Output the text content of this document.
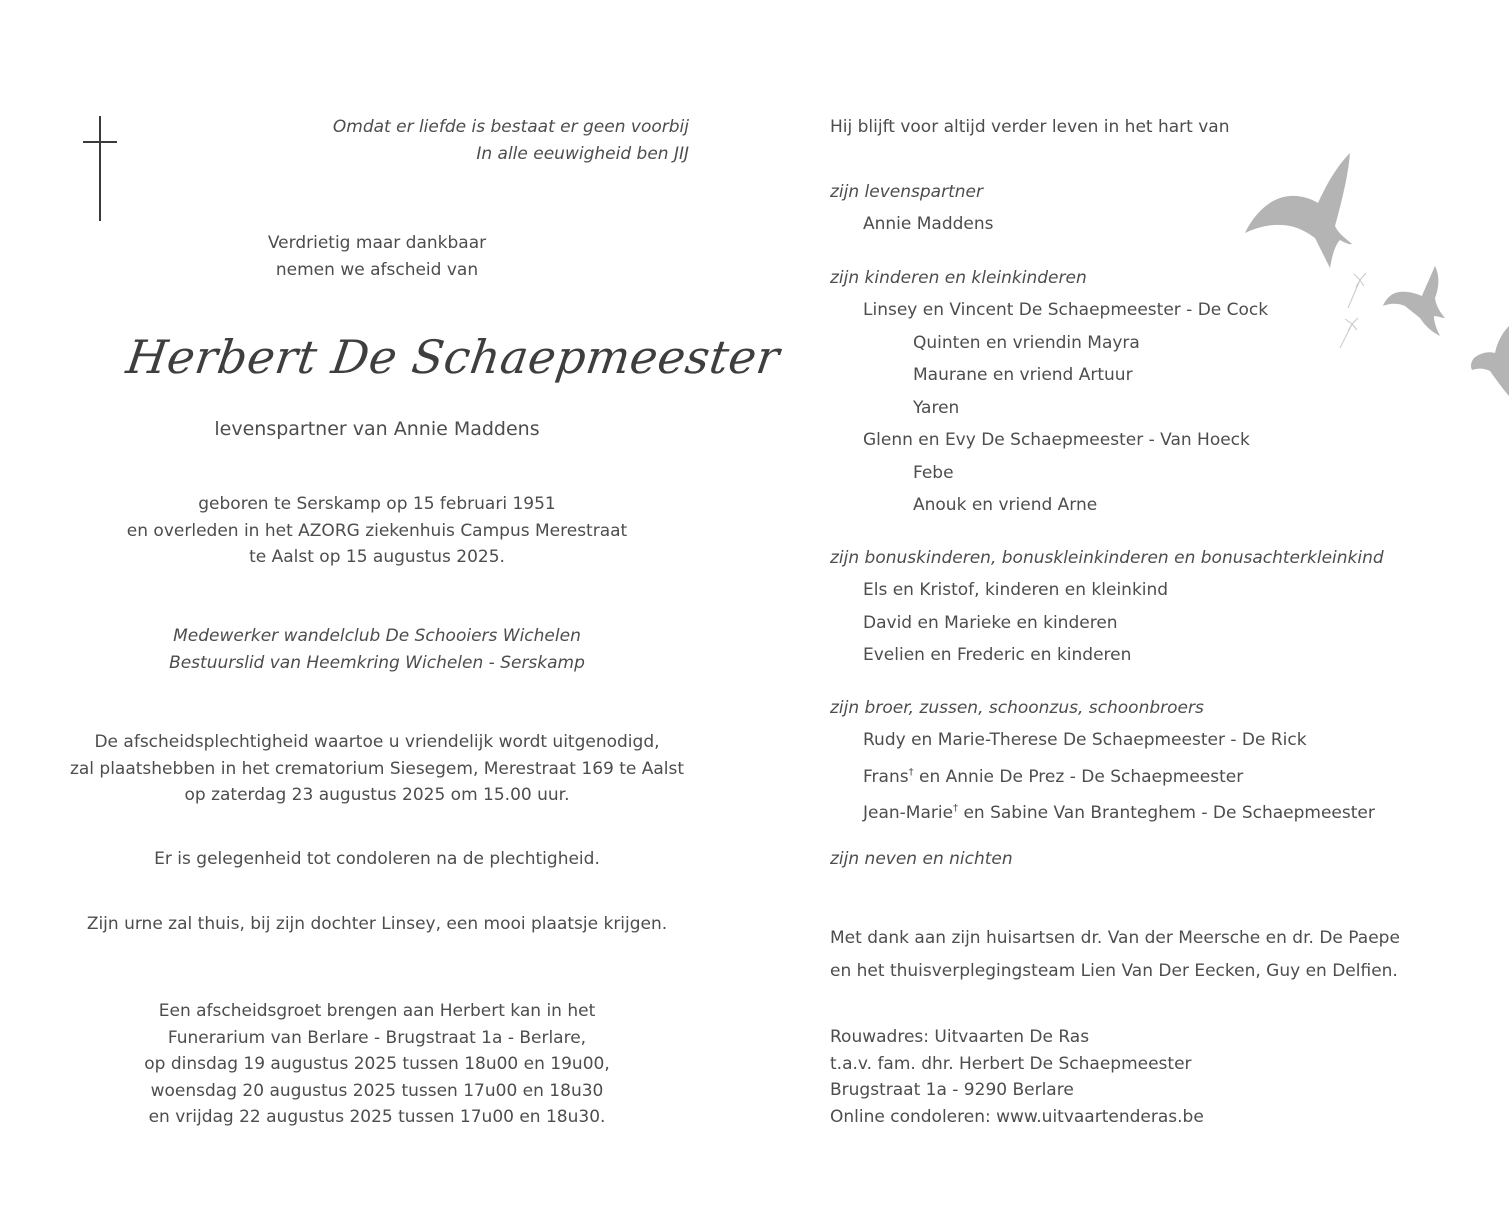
Omdat er liefde is bestaat er geen voorbij
In alle eeuwigheid ben JIJ
Verdrietig maar dankbaar
nemen we afscheid van
Herbert De Schaepmeester
levenspartner van Annie Maddens
geboren te Serskamp op 15 februari 1951
en overleden in het AZORG ziekenhuis Campus Merestraat
te Aalst op 15 augustus 2025.
Medewerker wandelclub De Schooiers Wichelen
Bestuurslid van Heemkring Wichelen - Serskamp
De afscheidsplechtigheid waartoe u vriendelijk wordt uitgenodigd,
zal plaatshebben in het crematorium Siesegem, Merestraat 169 te Aalst
op zaterdag 23 augustus 2025 om 15.00 uur.
Er is gelegenheid tot condoleren na de plechtigheid.
Zijn urne zal thuis, bij zijn dochter Linsey, een mooi plaatsje krijgen.
Een afscheidsgroet brengen aan Herbert kan in het
Funerarium van Berlare - Brugstraat 1a - Berlare,
op dinsdag 19 augustus 2025 tussen 18u00 en 19u00,
woensdag 20 augustus 2025 tussen 17u00 en 18u30
en vrijdag 22 augustus 2025 tussen 17u00 en 18u30.
Hij blijft voor altijd verder leven in het hart van
zijn levenspartner
Annie Maddens
zijn kinderen en kleinkinderen
Linsey en Vincent De Schaepmeester - De Cock
Quinten en vriendin Mayra
Maurane en vriend Artuur
Yaren
Glenn en Evy De Schaepmeester - Van Hoeck
Febe
Anouk en vriend Arne
zijn bonuskinderen, bonuskleinkinderen en bonusachterkleinkind
Els en Kristof, kinderen en kleinkind
David en Marieke en kinderen
Evelien en Frederic en kinderen
zijn broer, zussen, schoonzus, schoonbroers
Rudy en Marie-Therese De Schaepmeester - De Rick
Frans† en Annie De Prez - De Schaepmeester
Jean-Marie† en Sabine Van Branteghem - De Schaepmeester
zijn neven en nichten
Met dank aan zijn huisartsen dr. Van der Meersche en dr. De Paepe
en het thuisverplegingsteam Lien Van Der Eecken, Guy en Delfien.
Rouwadres: Uitvaarten De Ras
t.a.v. fam. dhr. Herbert De Schaepmeester
Brugstraat 1a - 9290 Berlare
Online condoleren: www.uitvaartenderas.be
